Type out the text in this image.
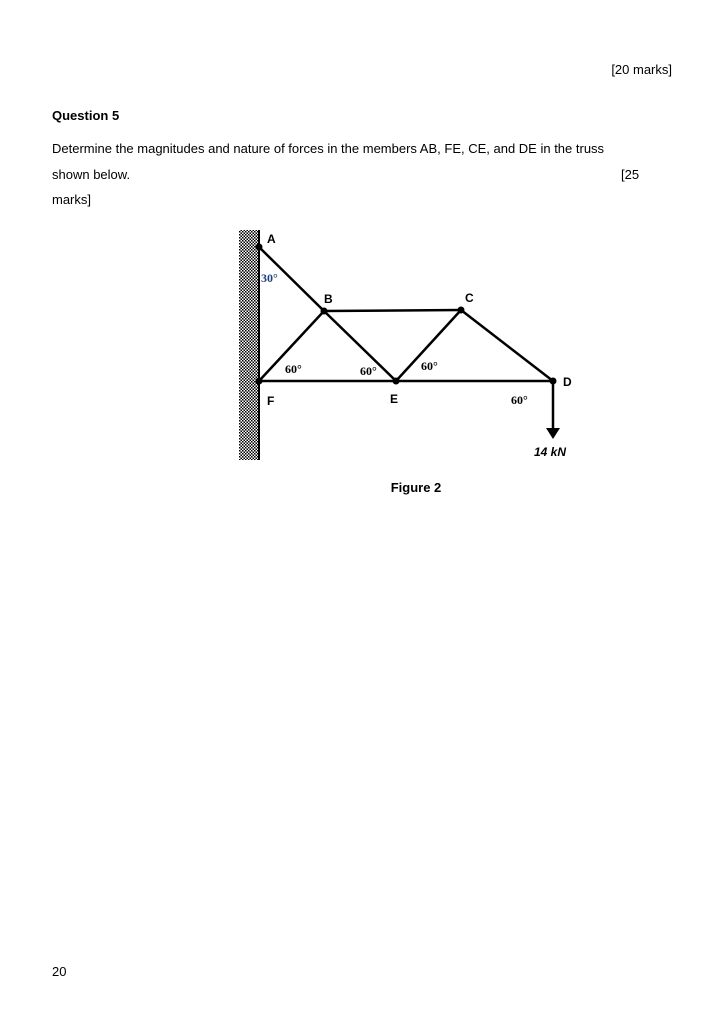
[20 marks]
Question 5
Determine the magnitudes and nature of forces in the members AB, FE, CE, and DE in the truss
shown below.	[25
marks]
A
B	C
D
E
F
30°
60°	60°	60°
60°
14 kN
Figure 2
20
